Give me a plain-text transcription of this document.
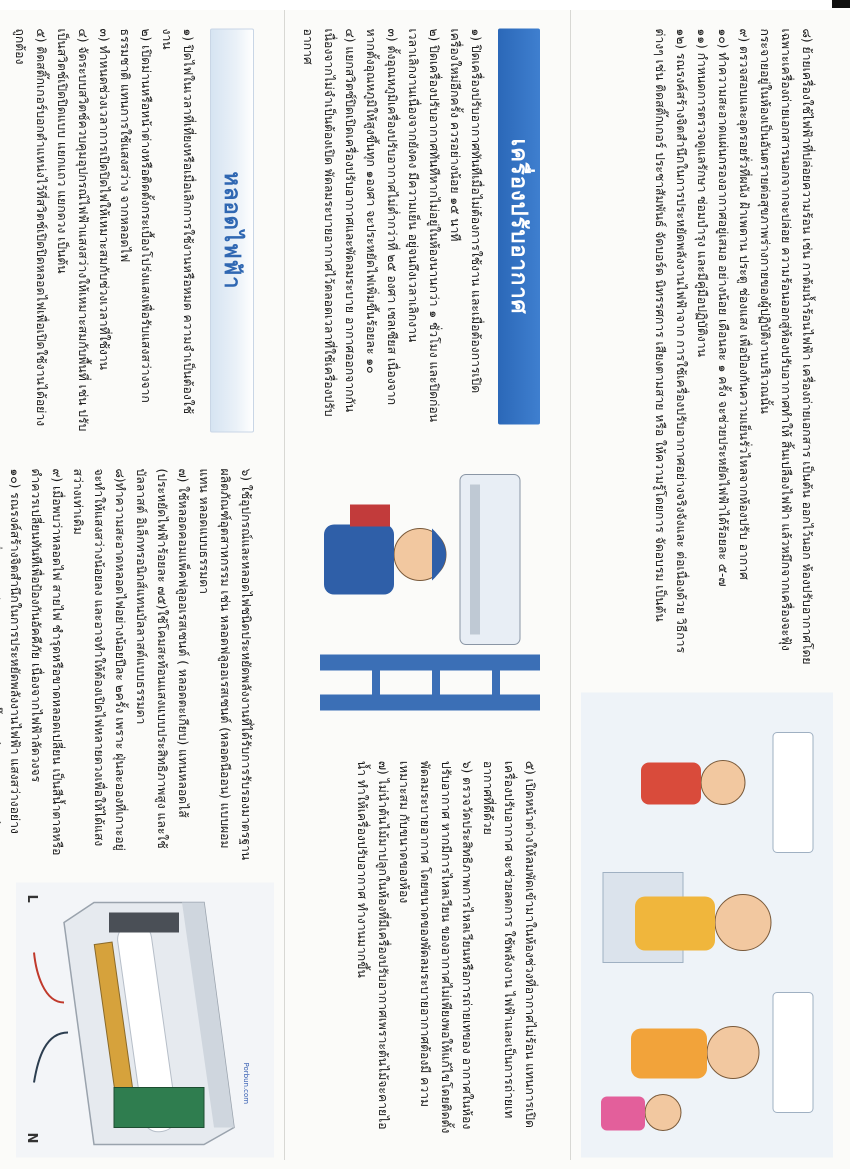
หลอดไฟฟ้า

๑) ปิดไฟในเวลาที่เที่ยงหรือเมื่อเลิกการใช้งานหรือหมด ความจำเป็นต้องใช้งาน

๒) เปิดม่านหรือหน้าต่างหรือติดตั้งกระเบื้องโปร่งแสงเพื่อรับแสงสว่างจากธรรมชาติ แทนการใช้แสงสว่าง จากหลอดไฟ

๓) ทำหนดช่วงเวลาการเปิดปิดไฟให้เหมาะสมกับช่วงเวลาที่ใช้งาน

๔) จัดระบบสวิตช์ควบคุมอุปกรณ์ไฟฟ้าแสงสว่างให้เหมาะสมกับพื้นที่ เช่น ปรับเป็นสวิตช์เปิดปิดแบบ แยกแถว แยกดวง เป็นต้น

๕) ติดสติ๊กเกอร์บอกตำแหน่งไว้ที่สวิตช์เปิดปิดหลอดไฟเพื่อเปิดใช้งานได้อย่างถูกต้อง

๖) ใช้อุปกรณ์และหลอดไฟชนิดประหยัดพลังงานที่ได้รับการรับรองมาตรฐานผลิตภัณฑ์อุตสาหกรรม เช่น หลอดฟลูออเรสเซนต์ (หลอดนีออน) แบบผอมแทน หลอดแบบธรรมดา

๗) ใช้หลอดคอมแพ็คฟลูออเรสเซนต์ ( หลอดตะเกียบ) แทนหลอดไส้ (ประหยัดไฟฟ้าร้อยละ ๗๕)ใช้โคมสะท้อนแสงแบบประสิทธิภาพสูง และใช้บัลลาสต์ อิเล็กทรอนิกส์แทนบัลลาสต์แบบธรรมดา

๘)ทำความสะอาดหลอดไฟอย่างน้อยปีละ ๒ครั้ง เพราะ ฝุ่นละอองที่เกาะอยู่จะทำให้แสงสว่างน้อยลง และอาจทำให้ต้องเปิดไฟหลายดวงเพื่อให้ได้แสงสว่างเท่าเดิม

๙) เมื่อพบว่าหลอดไฟ สายไฟ ชำรุดหรือขาดหลอดเปลี่ยน เป็นสีน้ำตาลหรือดำควรเปลี่ยนทันทีเพื่อป้องกันอัคคีภัย เนื่องจากไฟฟ้าลัดวงจร

๑๐) รณรงค์สร้างจิตสำนึกในการประหยัดพลังงานไฟฟ้า แสงสว่างอย่าง

L
N
Porbun.com
เครื่องปรับอากาศ

๑) ปิดเครื่องปรับอากาศทันทีเมื่อไม่ต้องการใช้งาน และเมื่อต้องการเปิดเครื่องใหม่อีกครั้ง ควรอย่างน้อย ๑๕ นาที

๒) ปิดเครื่องปรับอากาศทันทีหากไม่อยู่ในห้องนานกว่า ๑ ชั่วโมง และปิดก่อนเวลาเลิกงานเนื่องจากยังคง มีความเย็น อยู่จนถึงเวลาเลิกงาน

๓) ตั้งอุณหภูมิเครื่องปรับอากาศไม่ต่ำกว่าที่ ๒๕ องศา เซลเซียส เนื่องจากหากตั้งอุณหภูมิให้สูงขึ้นทุก ๑องศา จะประหยัดไฟเพิ่มขึ้นร้อยละ ๑๐

๔) แยกสวิตซ์ปิดเปิดเครื่องปรับอากาศและพัดลมระบาย อากาศออกจากกัน เนื่องจากไม่จำเป็นต้องเปิด พัดลมระบายอากาศไว้ตลอดเวลาที่ใช้เครื่องปรับอากาศ

๕) เปิดหน้าต่างให้ลมพัดเข้ามาในห้องช่วงที่อากาศไม่ร้อน แทนการเปิดเครื่องปรับอากาศ จะช่วยลดการ ใช้พลังงาน ไฟฟ้าและเป็นการถ่ายเทอากาศที่ดีด้วย

๖) ตรวจวัดประสิทธิภาพการไหลเวียนหรือการถ่ายเทของ อากาศในห้องปรับอากาศ หากมีการไหลเวียน ของอากาศไม่เพียงพอให้แก้ไขโดยติดตั้งพัดลมระบายอากาศ โดยขนาดของพัดลมระบายอากาศต้องมี ความเหมาะสม กับขนาดของห้อง

๗) ไม่นำต้นไม้มาปลูกในห้องที่มีเครื่องปรับอากาศเพราะต้นไม้จะคายไอน้ำ ทำให้เครื่องปรับอากาศ ทำงานมากขึ้น

๘) ย้ายเครื่องใช้ไฟฟ้าที่ปล่อยความร้อน เช่น กาต้มน้ำร้อนไฟฟ้า เครื่องถ่ายเอกสาร เป็นต้น ออกไว้นอก ห้องปรับอากาศโดยเฉพาะเครื่องถ่ายเอกสารนอกจากจะปล่อย ความร้อนออกสู่ห้องปรับอากาศทำให้ สิ้นเปลืองไฟฟ้า แล้วหมึกจากเครื่องจะฟุ้งกระจายอยู่ในห้องเป็นอันตรายต่อสุขภาพร่างกายของผู้ปฏิบัติงานบริเวณนั้น

๙) ตรวจสอบและอุดรอยรั่วที่ผนัง ฝ้าเพดาน ประตู ช่องแสง เพื่อป้องกันความเย็นรั่วไหลจากห้องปรับ อากาศ

๑๐) ทำความสะอาดแผ่นกรองอากาศอยู่เสมอ อย่างน้อย เดือนละ ๑ ครั้ง จะช่วยประหยัดไฟฟ้าได้ร้อยละ ๕-๗

๑๑) กำหนดการตรวจดูแลรักษา ซ่อมบำรุง และมีคู่มือปฏิบัติงาน

๑๒) รณรงค์สร้างจิตสำนึกในการประหยัดพลังงานไฟฟ้าจาก การใช้เครื่องปรับอากาศอย่างจริงจังและ ต่อเนื่องด้วย วิธีการต่างๆ เช่น ติดสติ๊กเกอร์ ประชาสัมพันธ์ จัดบอร์ด นิทรรศการ เสียงตามสาย หรือ ให้ความรู้โดยการ จัดอบรม เป็นต้น
